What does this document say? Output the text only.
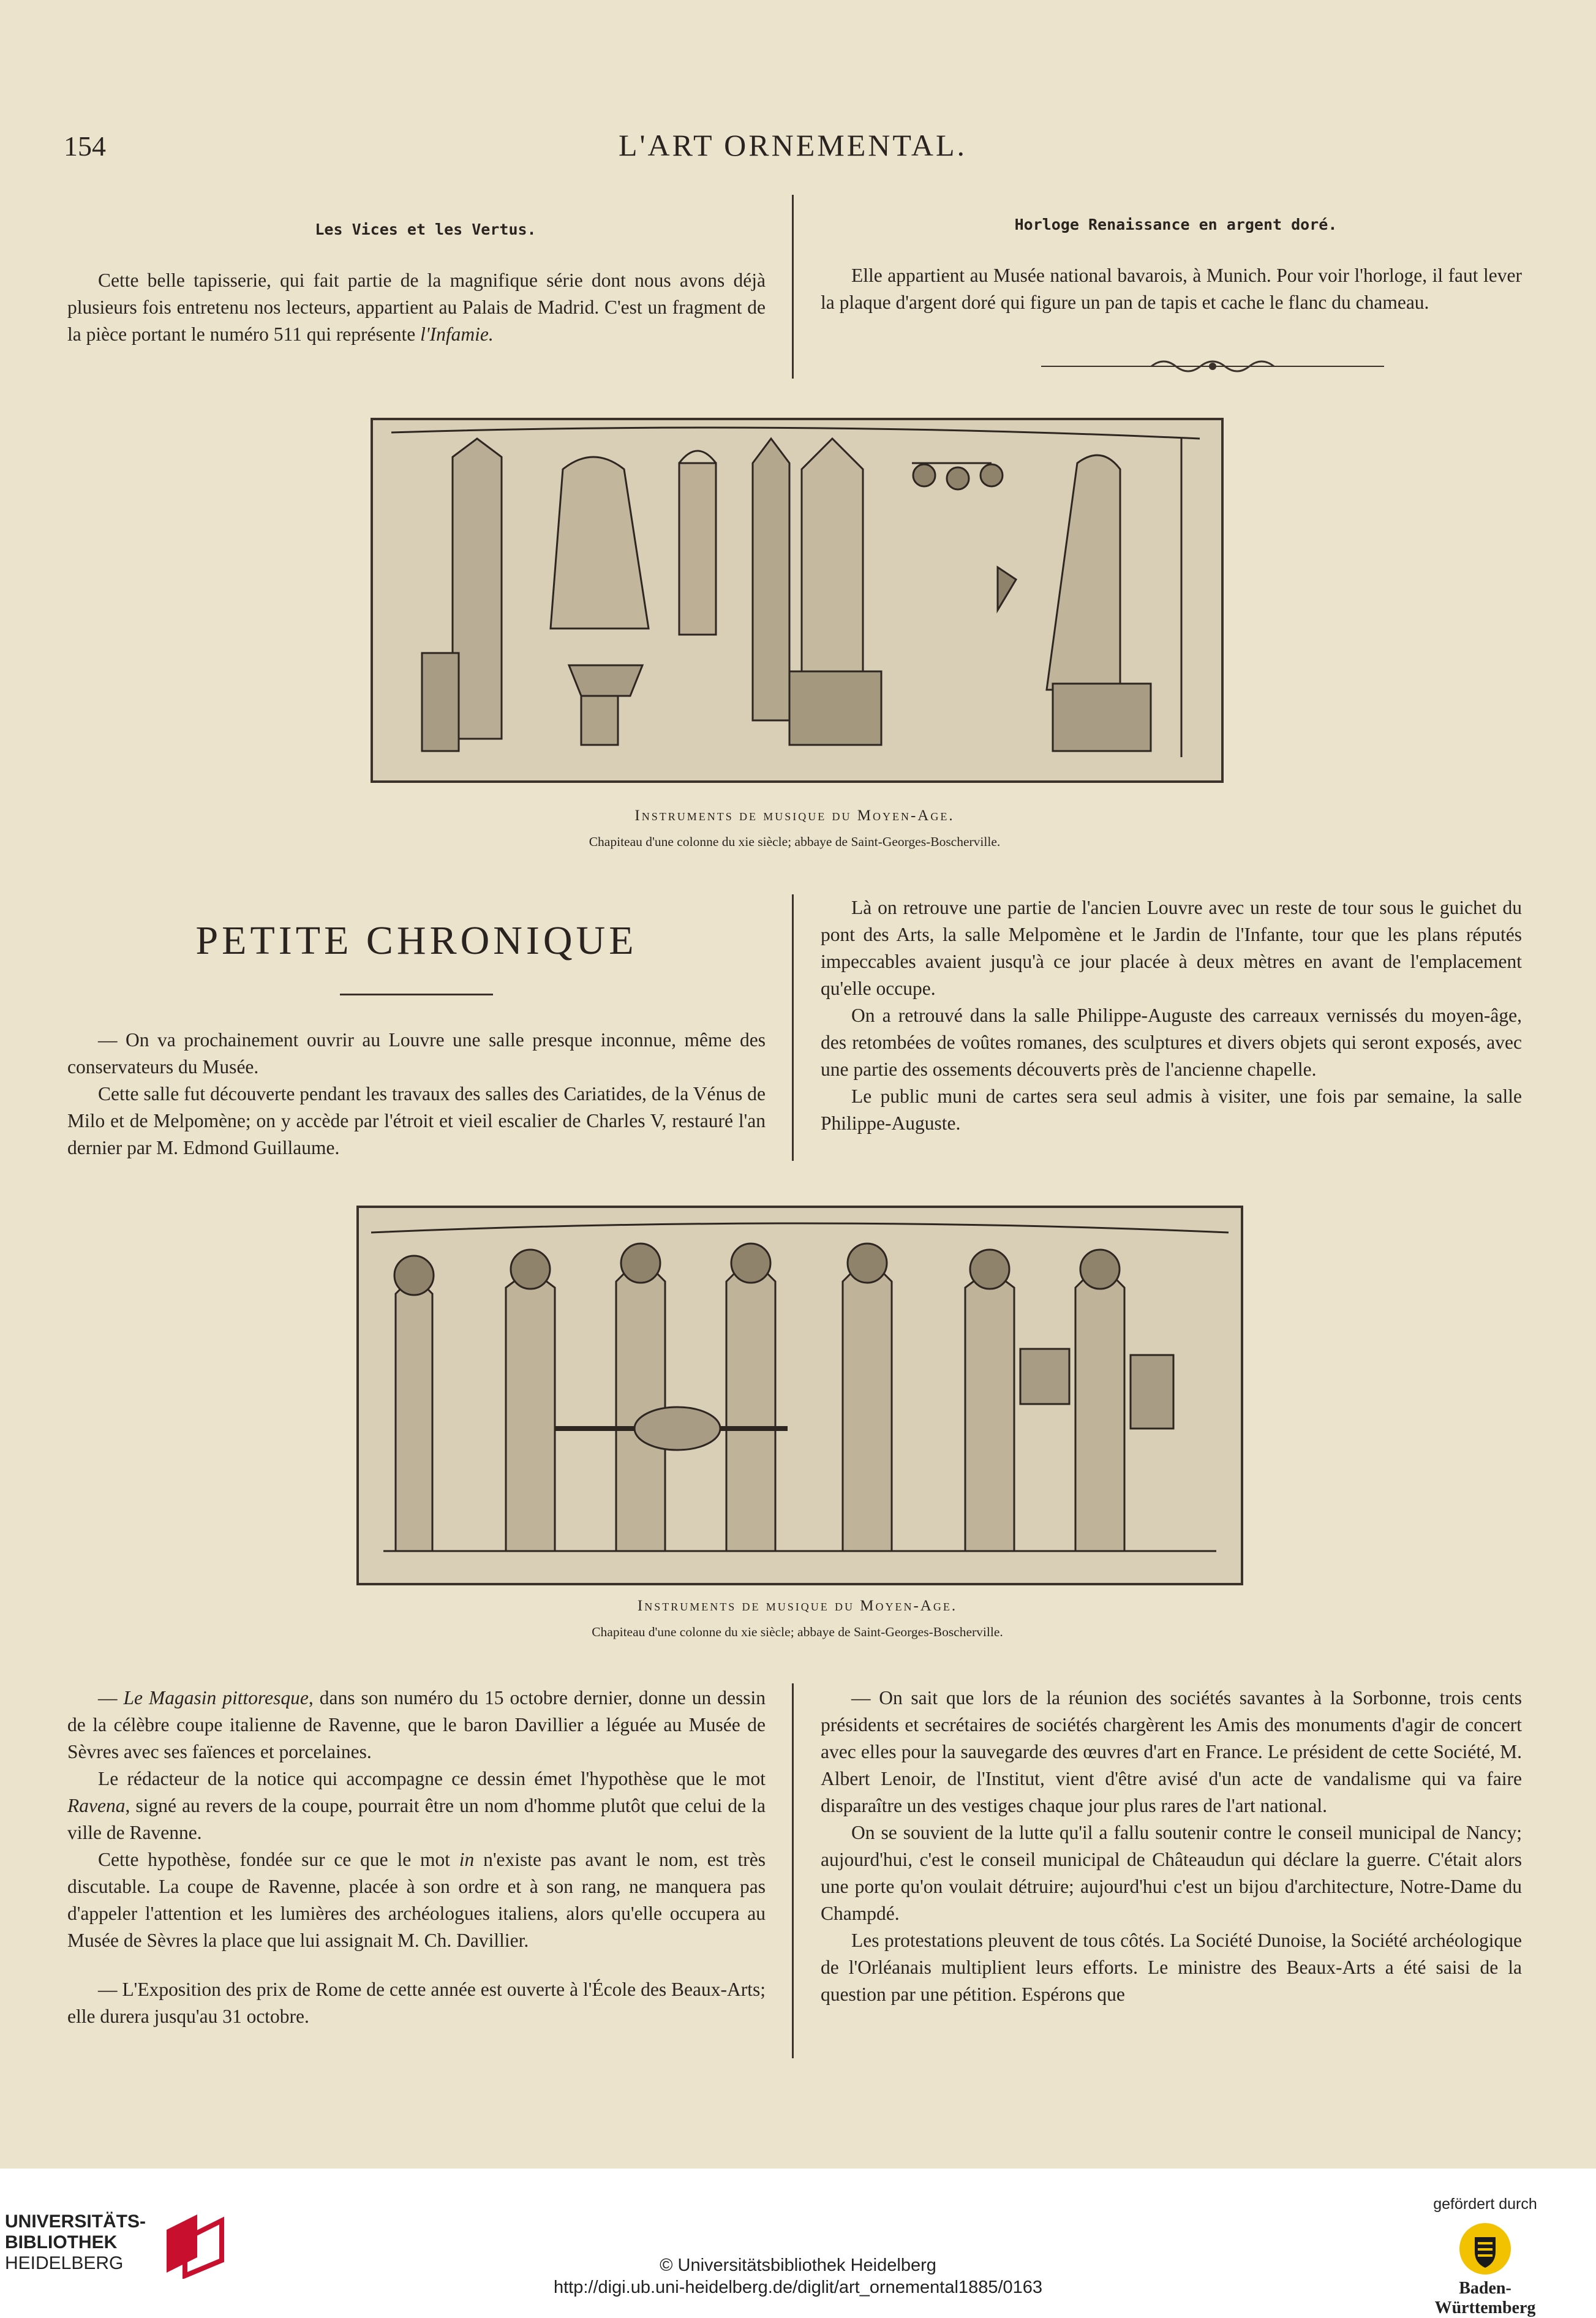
154	L'ART ORNEMENTAL.
Les Vices et les Vertus.

Cette belle tapisserie, qui fait partie de la magnifique série dont nous avons déjà plusieurs fois entretenu nos lecteurs, appartient au Palais de Madrid. C'est un fragment de la pièce portant le numéro 511 qui représente l'Infamie.

Horloge Renaissance en argent doré.

Elle appartient au Musée national bavarois, à Munich. Pour voir l'horloge, il faut lever la plaque d'argent doré qui figure un pan de tapis et cache le flanc du chameau.

Instruments de musique du Moyen-Age.
Chapiteau d'une colonne du xie siècle; abbaye de Saint-Georges-Boscherville.
PETITE CHRONIQUE

— On va prochainement ouvrir au Louvre une salle presque inconnue, même des conservateurs du Musée.

Cette salle fut découverte pendant les travaux des salles des Cariatides, de la Vénus de Milo et de Melpomène; on y accède par l'étroit et vieil escalier de Charles V, restauré l'an dernier par M. Edmond Guillaume.

Là on retrouve une partie de l'ancien Louvre avec un reste de tour sous le guichet du pont des Arts, la salle Melpomène et le Jardin de l'Infante, tour que les plans réputés impeccables avaient jusqu'à ce jour placée à deux mètres en avant de l'emplacement qu'elle occupe.

On a retrouvé dans la salle Philippe-Auguste des carreaux vernissés du moyen-âge, des retombées de voûtes romanes, des sculptures et divers objets qui seront exposés, avec une partie des ossements découverts près de l'ancienne chapelle.

Le public muni de cartes sera seul admis à visiter, une fois par semaine, la salle Philippe-Auguste.

Instruments de musique du Moyen-Age.
Chapiteau d'une colonne du xie siècle; abbaye de Saint-Georges-Boscherville.

— Le Magasin pittoresque, dans son numéro du 15 octobre dernier, donne un dessin de la célèbre coupe italienne de Ravenne, que le baron Davillier a léguée au Musée de Sèvres avec ses faïences et porcelaines.

Le rédacteur de la notice qui accompagne ce dessin émet l'hypothèse que le mot Ravena, signé au revers de la coupe, pourrait être un nom d'homme plutôt que celui de la ville de Ravenne.

Cette hypothèse, fondée sur ce que le mot in n'existe pas avant le nom, est très discutable. La coupe de Ravenne, placée à son ordre et à son rang, ne manquera pas d'appeler l'attention et les lumières des archéologues italiens, alors qu'elle occupera au Musée de Sèvres la place que lui assignait M. Ch. Davillier.

— L'Exposition des prix de Rome de cette année est ouverte à l'École des Beaux-Arts; elle durera jusqu'au 31 octobre.

— On sait que lors de la réunion des sociétés savantes à la Sorbonne, trois cents présidents et secrétaires de sociétés chargèrent les Amis des monuments d'agir de concert avec elles pour la sauvegarde des œuvres d'art en France. Le président de cette Société, M. Albert Lenoir, de l'Institut, vient d'être avisé d'un acte de vandalisme qui va faire disparaître un des vestiges chaque jour plus rares de l'art national.

On se souvient de la lutte qu'il a fallu soutenir contre le conseil municipal de Nancy; aujourd'hui, c'est le conseil municipal de Châteaudun qui déclare la guerre. C'était alors une porte qu'on voulait détruire; aujourd'hui c'est un bijou d'architecture, Notre-Dame du Champdé.

Les protestations pleuvent de tous côtés. La Société Dunoise, la Société archéologique de l'Orléanais multiplient leurs efforts. Le ministre des Beaux-Arts a été saisi de la question par une pétition. Espérons que

UNIVERSITÄTS-
BIBLIOTHEK
HEIDELBERG	© Universitätsbibliothek Heidelberg
http://digi.ub.uni-heidelberg.de/diglit/art_ornemental1885/0163
gefördert durch
Baden-Württemberg
